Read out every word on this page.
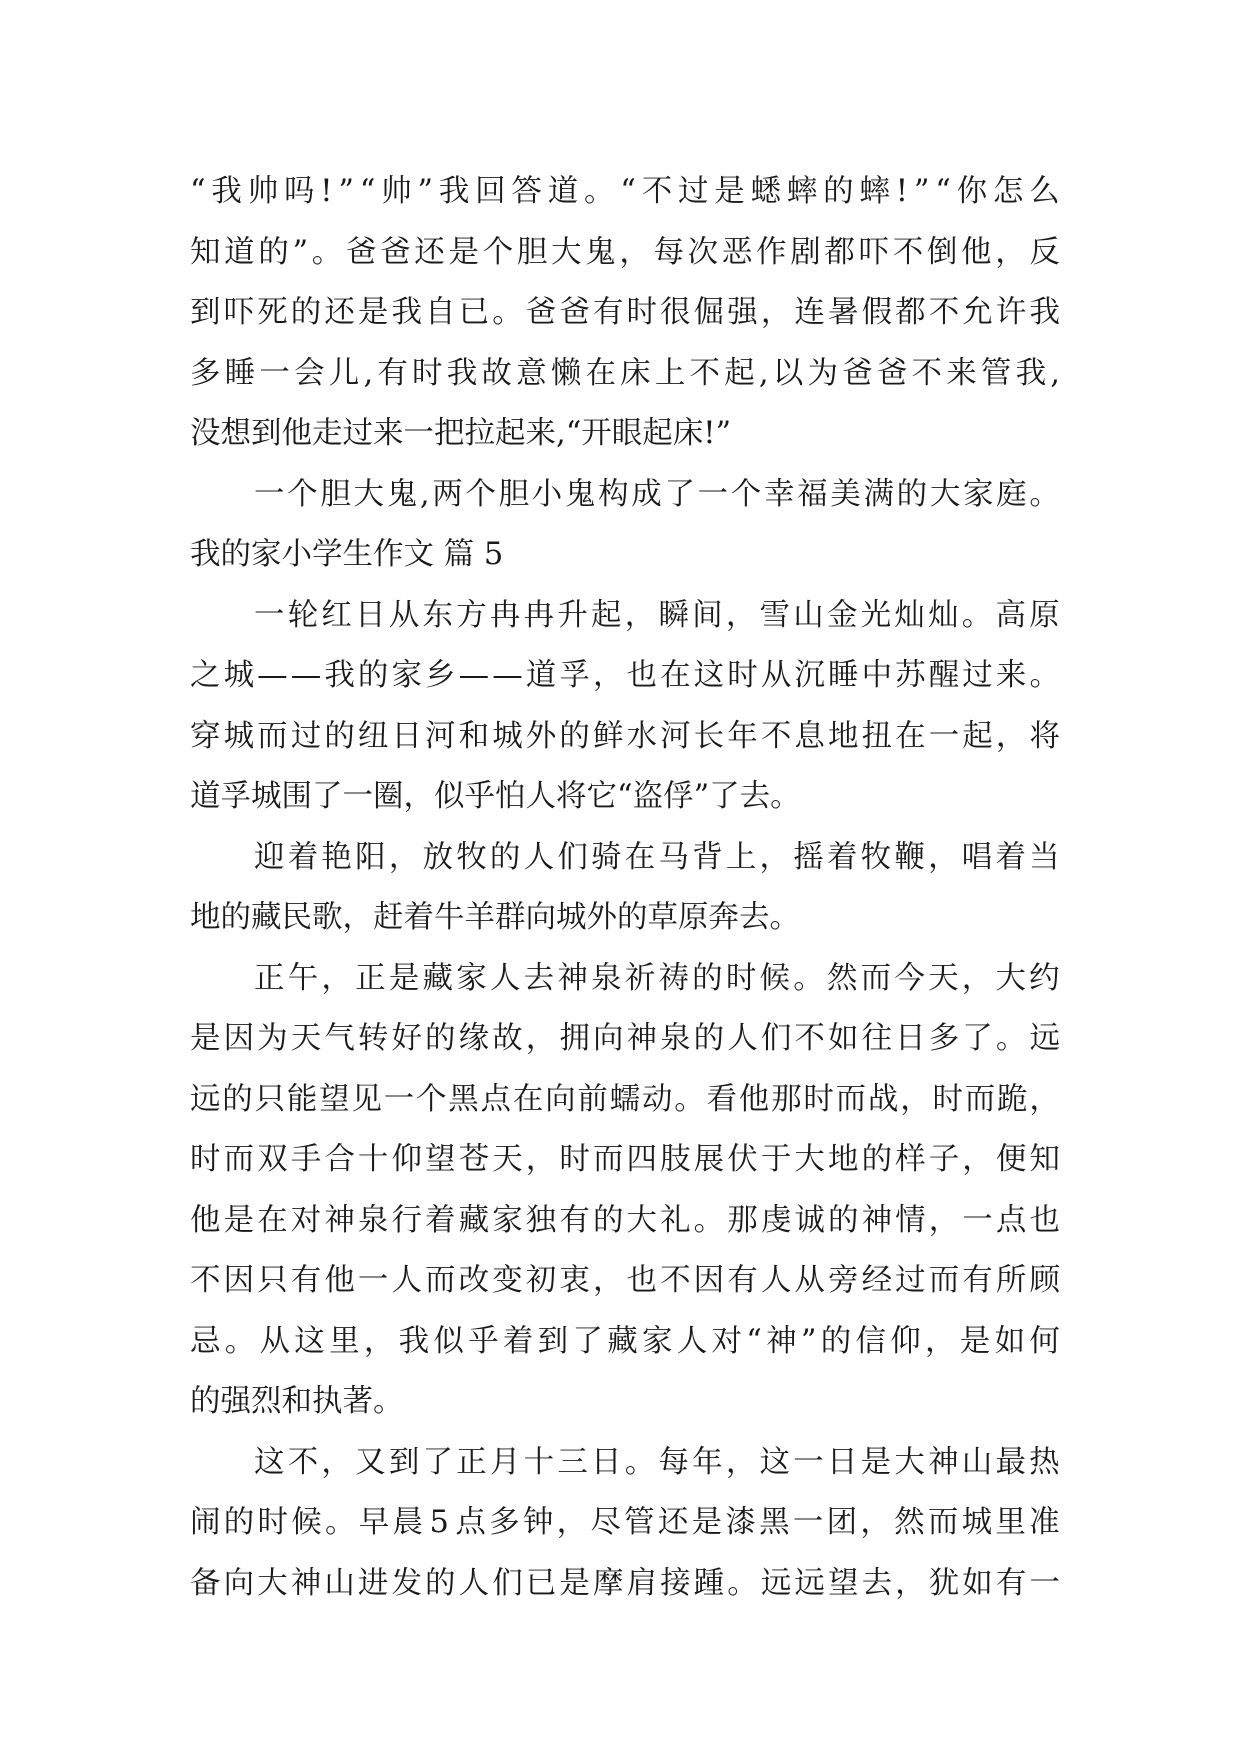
“ 我 帅 吗 ! ” “ 帅 ” 我 回 答 道 。 “ 不 过 是 蟋 蟀 的 蟀 ! ” “ 你 怎 么
知 道 的 ” 。 爸 爸 还 是 个 胆 大 鬼 ， 每 次 恶 作 剧 都 吓 不 倒 他 ， 反
到 吓 死 的 还 是 我 自 已 。 爸 爸 有 时 很 倔 强 ， 连 暑 假 都 不 允 许 我
多 睡 一 会 儿 , 有 时 我 故 意 懒 在 床 上 不 起 , 以 为 爸 爸 不 来 管 我 ,
没想到他走过来一把拉起来,“开眼起床!”
一 个 胆 大 鬼 , 两 个 胆 小 鬼 构 成 了 一 个 幸 福 美 满 的 大 家 庭 。
我的家小学生作文 篇 5
一 轮 红 日 从 东 方 冉 冉 升 起 ， 瞬 间 ， 雪 山 金 光 灿 灿 。 高 原
之 城 — — 我 的 家 乡 — — 道 孚 ， 也 在 这 时 从 沉 睡 中 苏 醒 过 来 。
穿 城 而 过 的 纽 日 河 和 城 外 的 鲜 水 河 长 年 不 息 地 扭 在 一 起 ， 将
道孚城围了一圈，似乎怕人将它“盗俘”了去。
迎 着 艳 阳 ， 放 牧 的 人 们 骑 在 马 背 上 ， 摇 着 牧 鞭 ， 唱 着 当
地的藏民歌，赶着牛羊群向城外的草原奔去。
正 午 ， 正 是 藏 家 人 去 神 泉 祈 祷 的 时 候 。 然 而 今 天 ， 大 约
是 因 为 天 气 转 好 的 缘 故 ， 拥 向 神 泉 的 人 们 不 如 往 日 多 了 。 远
远 的 只 能 望 见 一 个 黑 点 在 向 前 蠕 动 。 看 他 那 时 而 战 ， 时 而 跪 ，
时 而 双 手 合 十 仰 望 苍 天 ， 时 而 四 肢 展 伏 于 大 地 的 样 子 ， 便 知
他 是 在 对 神 泉 行 着 藏 家 独 有 的 大 礼 。 那 虔 诚 的 神 情 ， 一 点 也
不 因 只 有 他 一 人 而 改 变 初 衷 ， 也 不 因 有 人 从 旁 经 过 而 有 所 顾
忌 。 从 这 里 ， 我 似 乎 着 到 了 藏 家 人 对 “ 神 ” 的 信 仰 ， 是 如 何
的强烈和执著。
这 不 ， 又 到 了 正 月 十 三 日 。 每 年 ， 这 一 日 是 大 神 山 最 热
闹 的 时 候 。 早 晨 5 点 多 钟 ， 尽 管 还 是 漆 黑 一 团 ， 然 而 城 里 准
备 向 大 神 山 进 发 的 人 们 已 是 摩 肩 接 踵 。 远 远 望 去 ， 犹 如 有 一
